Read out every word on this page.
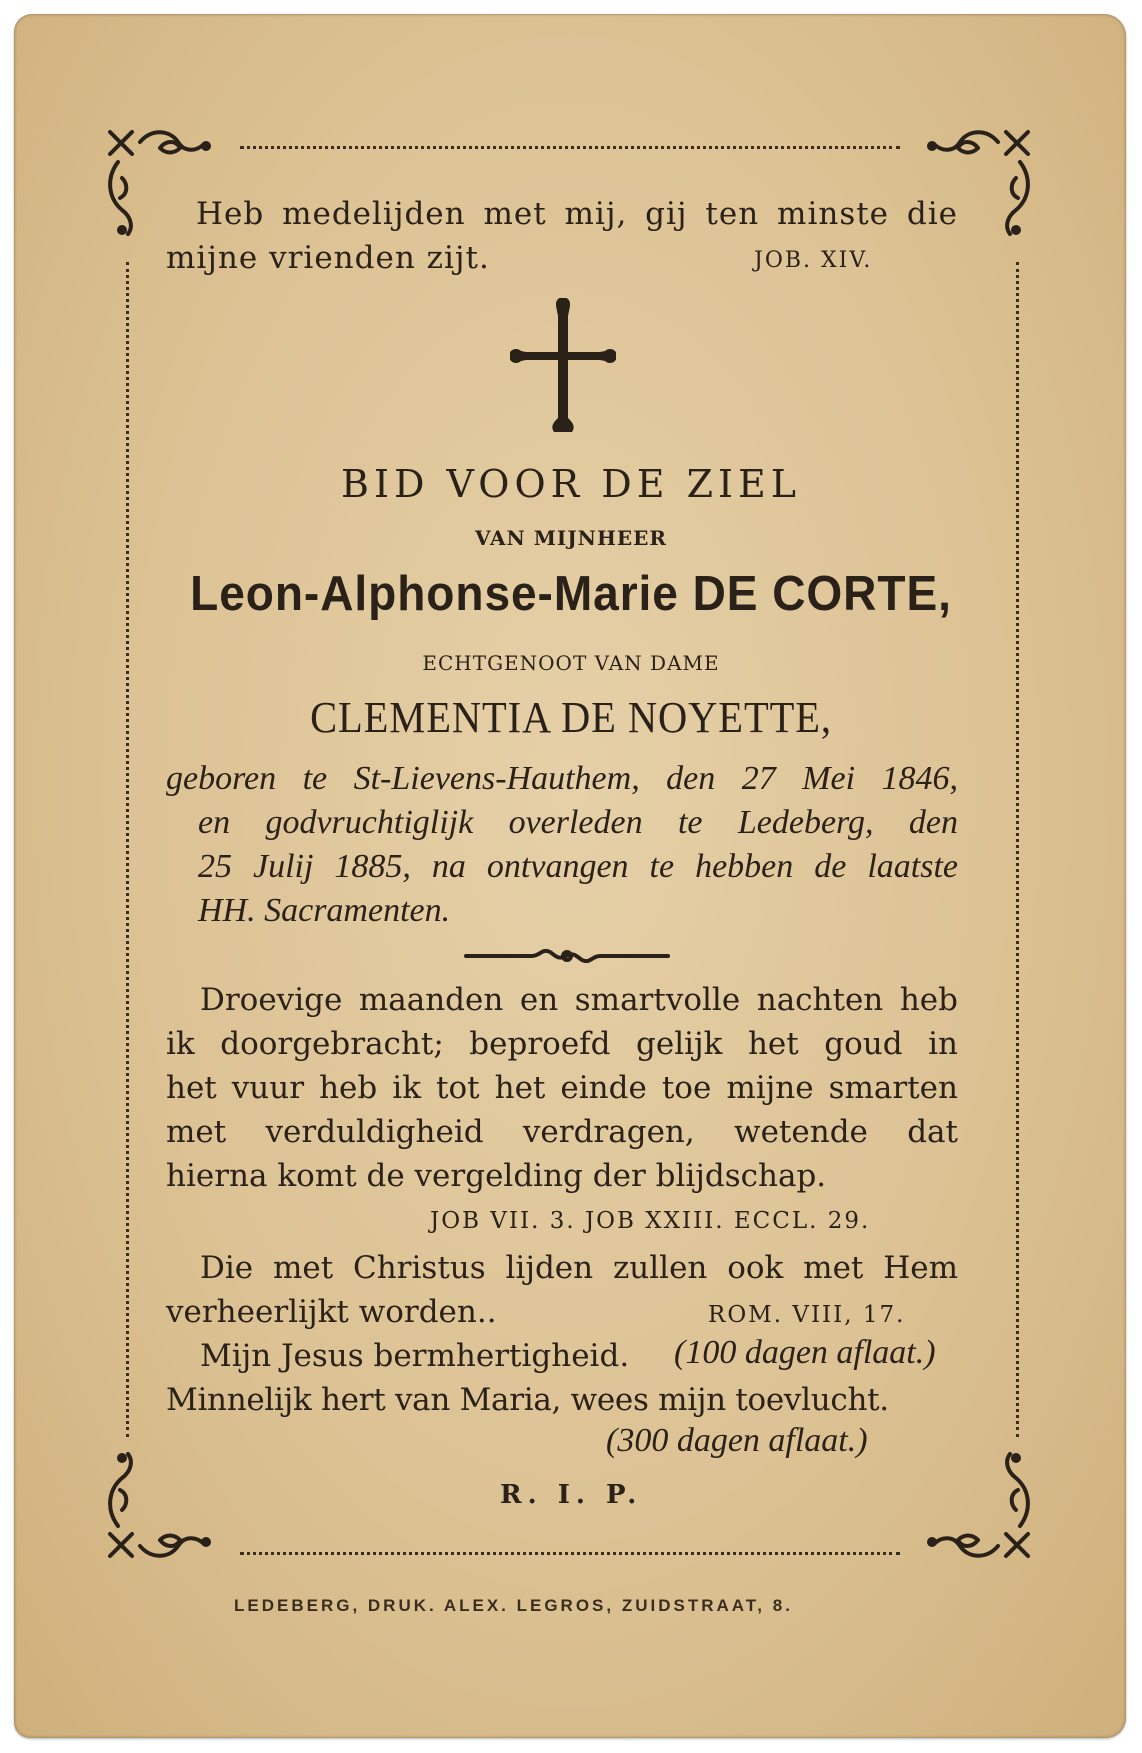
Heb medelijden met mij, gij ten minste die
mijne vrienden zijt.	JOB. XIV.
BID VOOR DE ZIEL
VAN MIJNHEER
Leon-Alphonse-Marie DE CORTE,
ECHTGENOOT VAN DAME
CLEMENTIA DE NOYETTE,
geboren te St-Lievens-Hauthem, den 27 Mei 1846,
en godvruchtiglijk overleden te Ledeberg, den
25 Julij 1885, na ontvangen te hebben de laatste
HH. Sacramenten.
Droevige maanden en smartvolle nachten heb
ik doorgebracht; beproefd gelijk het goud in
het vuur heb ik tot het einde toe mijne smarten
met verduldigheid verdragen, wetende dat
hierna komt de vergelding der blijdschap.
JOB VII. 3. JOB XXIII. ECCL. 29.
Die met Christus lijden zullen ook met Hem
verheerlijkt worden..	ROM. VIII, 17.
Mijn Jesus bermhertigheid. (100 dagen aflaat.)
Minnelijk hert van Maria, wees mijn toevlucht.
(300 dagen aflaat.)
R. I. P.
LEDEBERG, DRUK. ALEX. LEGROS, ZUIDSTRAAT, 8.
